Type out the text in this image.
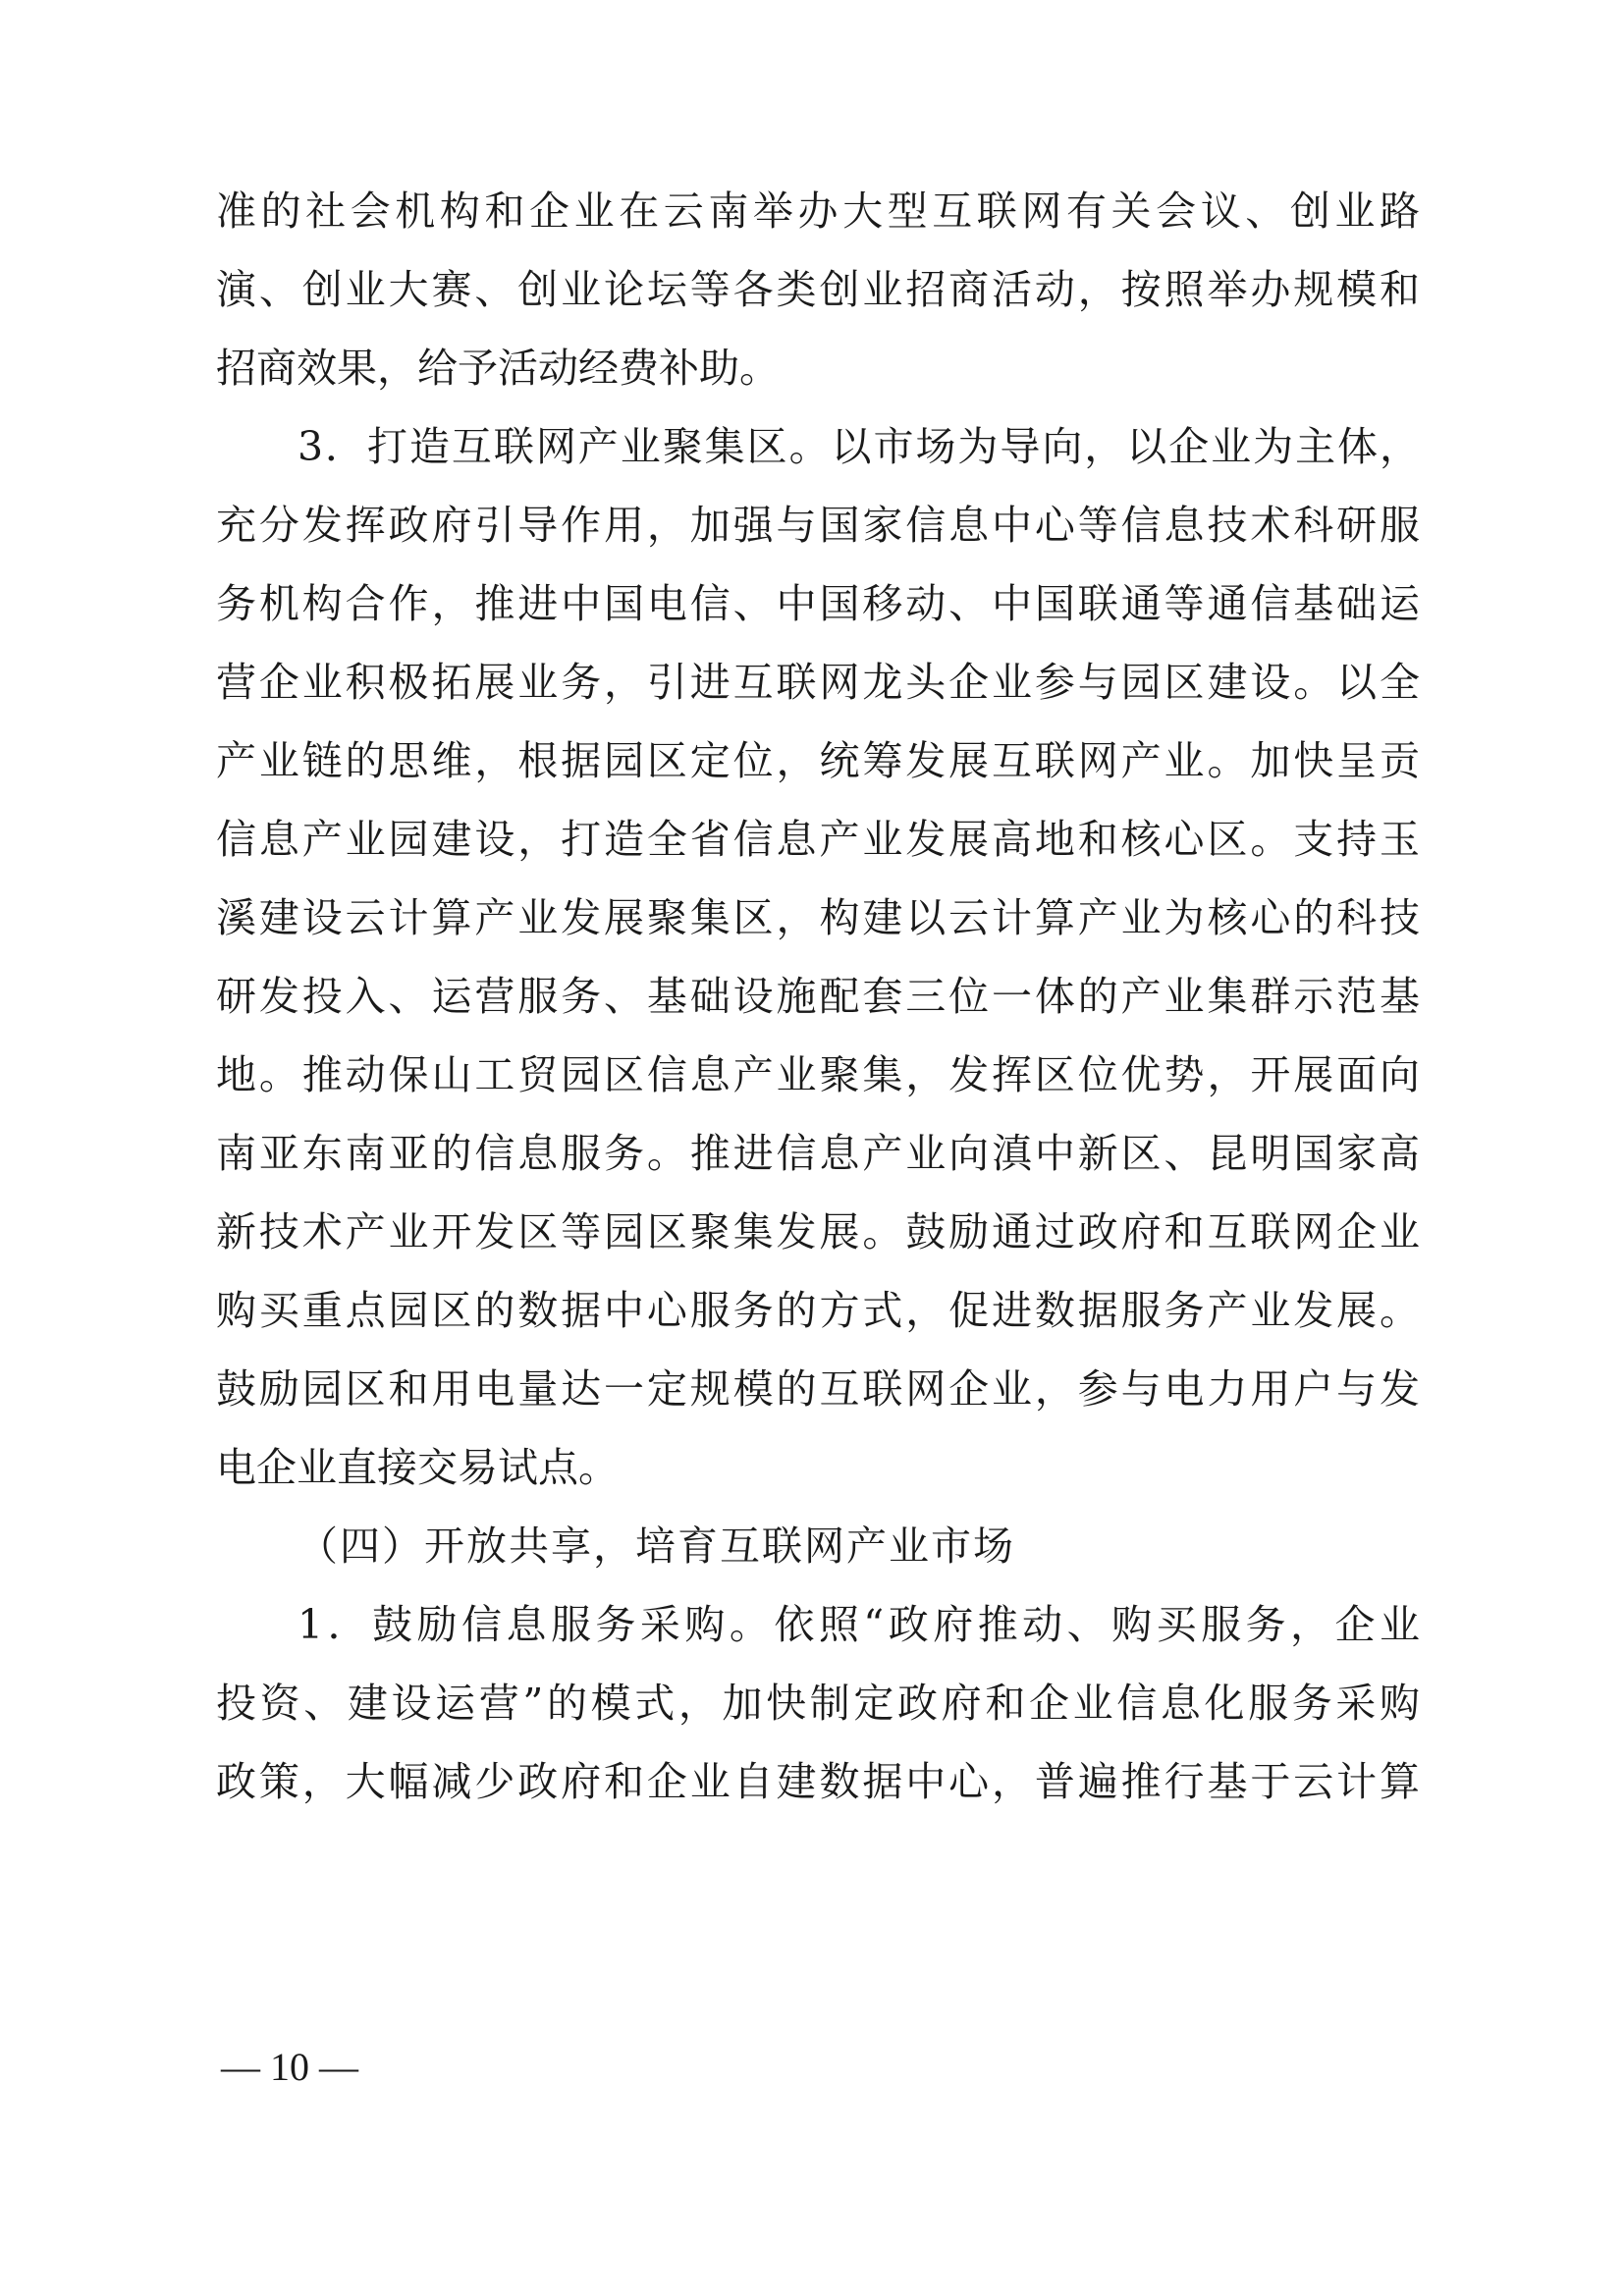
准的社会机构和企业在云南举办大型互联网有关会议、创业路
演、创业大赛、创业论坛等各类创业招商活动，按照举办规模和
招商效果，给予活动经费补助。
3．打造互联网产业聚集区。以市场为导向，以企业为主体，
充分发挥政府引导作用，加强与国家信息中心等信息技术科研服
务机构合作，推进中国电信、中国移动、中国联通等通信基础运
营企业积极拓展业务，引进互联网龙头企业参与园区建设。以全
产业链的思维，根据园区定位，统筹发展互联网产业。加快呈贡
信息产业园建设，打造全省信息产业发展高地和核心区。支持玉
溪建设云计算产业发展聚集区，构建以云计算产业为核心的科技
研发投入、运营服务、基础设施配套三位一体的产业集群示范基
地。推动保山工贸园区信息产业聚集，发挥区位优势，开展面向
南亚东南亚的信息服务。推进信息产业向滇中新区、昆明国家高
新技术产业开发区等园区聚集发展。鼓励通过政府和互联网企业
购买重点园区的数据中心服务的方式，促进数据服务产业发展。
鼓励园区和用电量达一定规模的互联网企业，参与电力用户与发
电企业直接交易试点。
（四）开放共享，培育互联网产业市场
1．鼓励信息服务采购。依照“政府推动、购买服务，企业
投资、建设运营”的模式，加快制定政府和企业信息化服务采购
政策，大幅减少政府和企业自建数据中心，普遍推行基于云计算
— 10 —
